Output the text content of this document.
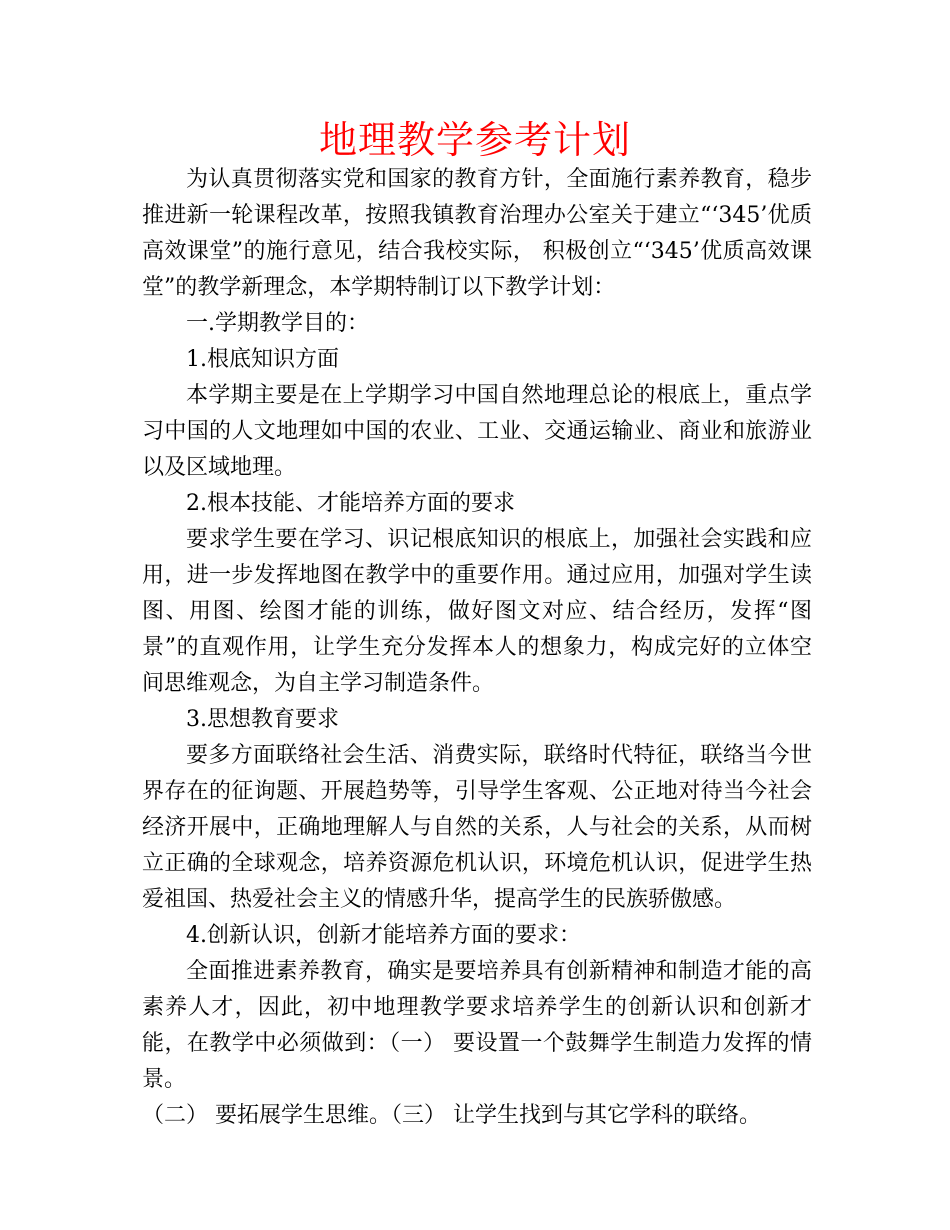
地理教学参考计划

为认真贯彻落实党和国家的教育方针，全面施行素养教育，稳步推进新一轮课程改革，按照我镇教育治理办公室关于建立“‘345’优质高效课堂”的施行意见，结合我校实际， 积极创立“‘345’优质高效课堂”的教学新理念，本学期特制订以下教学计划：

一.学期教学目的：

1.根底知识方面

本学期主要是在上学期学习中国自然地理总论的根底上，重点学习中国的人文地理如中国的农业、工业、交通运输业、商业和旅游业以及区域地理。

2.根本技能、才能培养方面的要求

要求学生要在学习、识记根底知识的根底上，加强社会实践和应用，进一步发挥地图在教学中的重要作用。通过应用，加强对学生读图、用图、绘图才能的训练，做好图文对应、结合经历，发挥“图景”的直观作用，让学生充分发挥本人的想象力，构成完好的立体空间思维观念，为自主学习制造条件。

3.思想教育要求

要多方面联络社会生活、消费实际，联络时代特征，联络当今世界存在的征询题、开展趋势等，引导学生客观、公正地对待当今社会经济开展中，正确地理解人与自然的关系，人与社会的关系，从而树立正确的全球观念，培养资源危机认识，环境危机认识，促进学生热爱祖国、热爱社会主义的情感升华，提高学生的民族骄傲感。

4.创新认识，创新才能培养方面的要求：

全面推进素养教育，确实是要培养具有创新精神和制造才能的高素养人才，因此，初中地理教学要求培养学生的创新认识和创新才能，在教学中必须做到：（一） 要设置一个鼓舞学生制造力发挥的情景。

（二） 要拓展学生思维。（三） 让学生找到与其它学科的联络。
